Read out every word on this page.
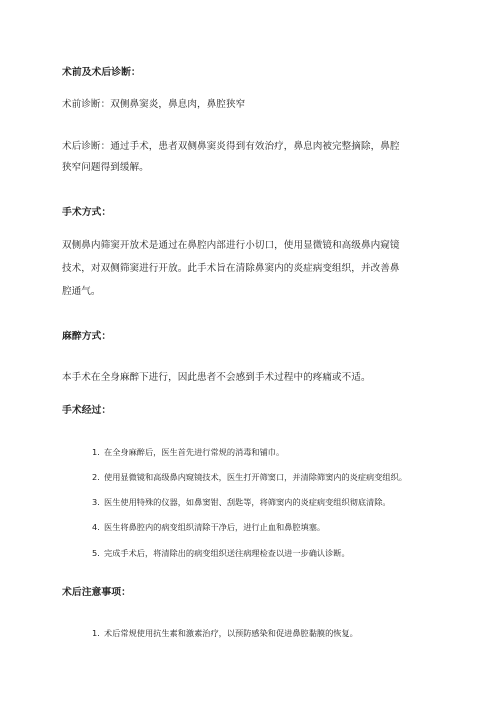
术前及术后诊断：
术前诊断：双侧鼻窦炎，鼻息肉，鼻腔狭窄
术后诊断：通过手术，患者双侧鼻窦炎得到有效治疗，鼻息肉被完整摘除，鼻腔
狭窄问题得到缓解。
手术方式：
双侧鼻内筛窦开放术是通过在鼻腔内部进行小切口，使用显微镜和高级鼻内窥镜
技术，对双侧筛窦进行开放。此手术旨在清除鼻窦内的炎症病变组织，并改善鼻
腔通气。
麻醉方式：
本手术在全身麻醉下进行，因此患者不会感到手术过程中的疼痛或不适。
手术经过：
1. 在全身麻醉后，医生首先进行常规的消毒和铺巾。
2. 使用显微镜和高级鼻内窥镜技术，医生打开筛窦口，并清除筛窦内的炎症病变组织。
3. 医生使用特殊的仪器，如鼻窦钳、刮匙等，将筛窦内的炎症病变组织彻底清除。
4. 医生将鼻腔内的病变组织清除干净后，进行止血和鼻腔填塞。
5. 完成手术后，将清除出的病变组织送往病理检查以进一步确认诊断。
术后注意事项：
1. 术后常规使用抗生素和激素治疗，以预防感染和促进鼻腔黏膜的恢复。
